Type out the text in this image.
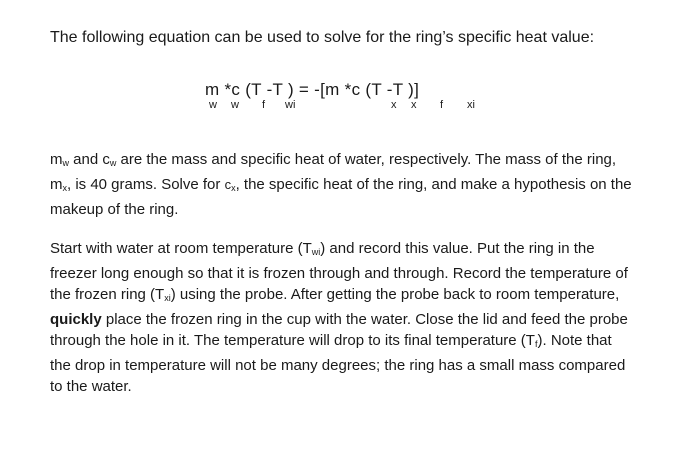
The following equation can be used to solve for the ring’s specific heat value:

m *c (T -T ) = -[m *c (T -T )]
w w f wi	x x f xi

$m_w$ and $c_w$ are the mass and specific heat of water, respectively. The mass of the ring,
$m_x$, is 40 grams. Solve for $c_x$, the specific heat of the ring, and make a hypothesis on the
makeup of the ring.

Start with water at room temperature $(T_{wi})$ and record this value. Put the ring in the
freezer long enough so that it is frozen through and through. Record the temperature of
the frozen ring $(T_{xi})$ using the probe. After getting the probe back to room temperature,
quickly place the frozen ring in the cup with the water. Close the lid and feed the probe
through the hole in it. The temperature will drop to its final temperature $(T_f)$. Note that
the drop in temperature will not be many degrees; the ring has a small mass compared
to the water.
